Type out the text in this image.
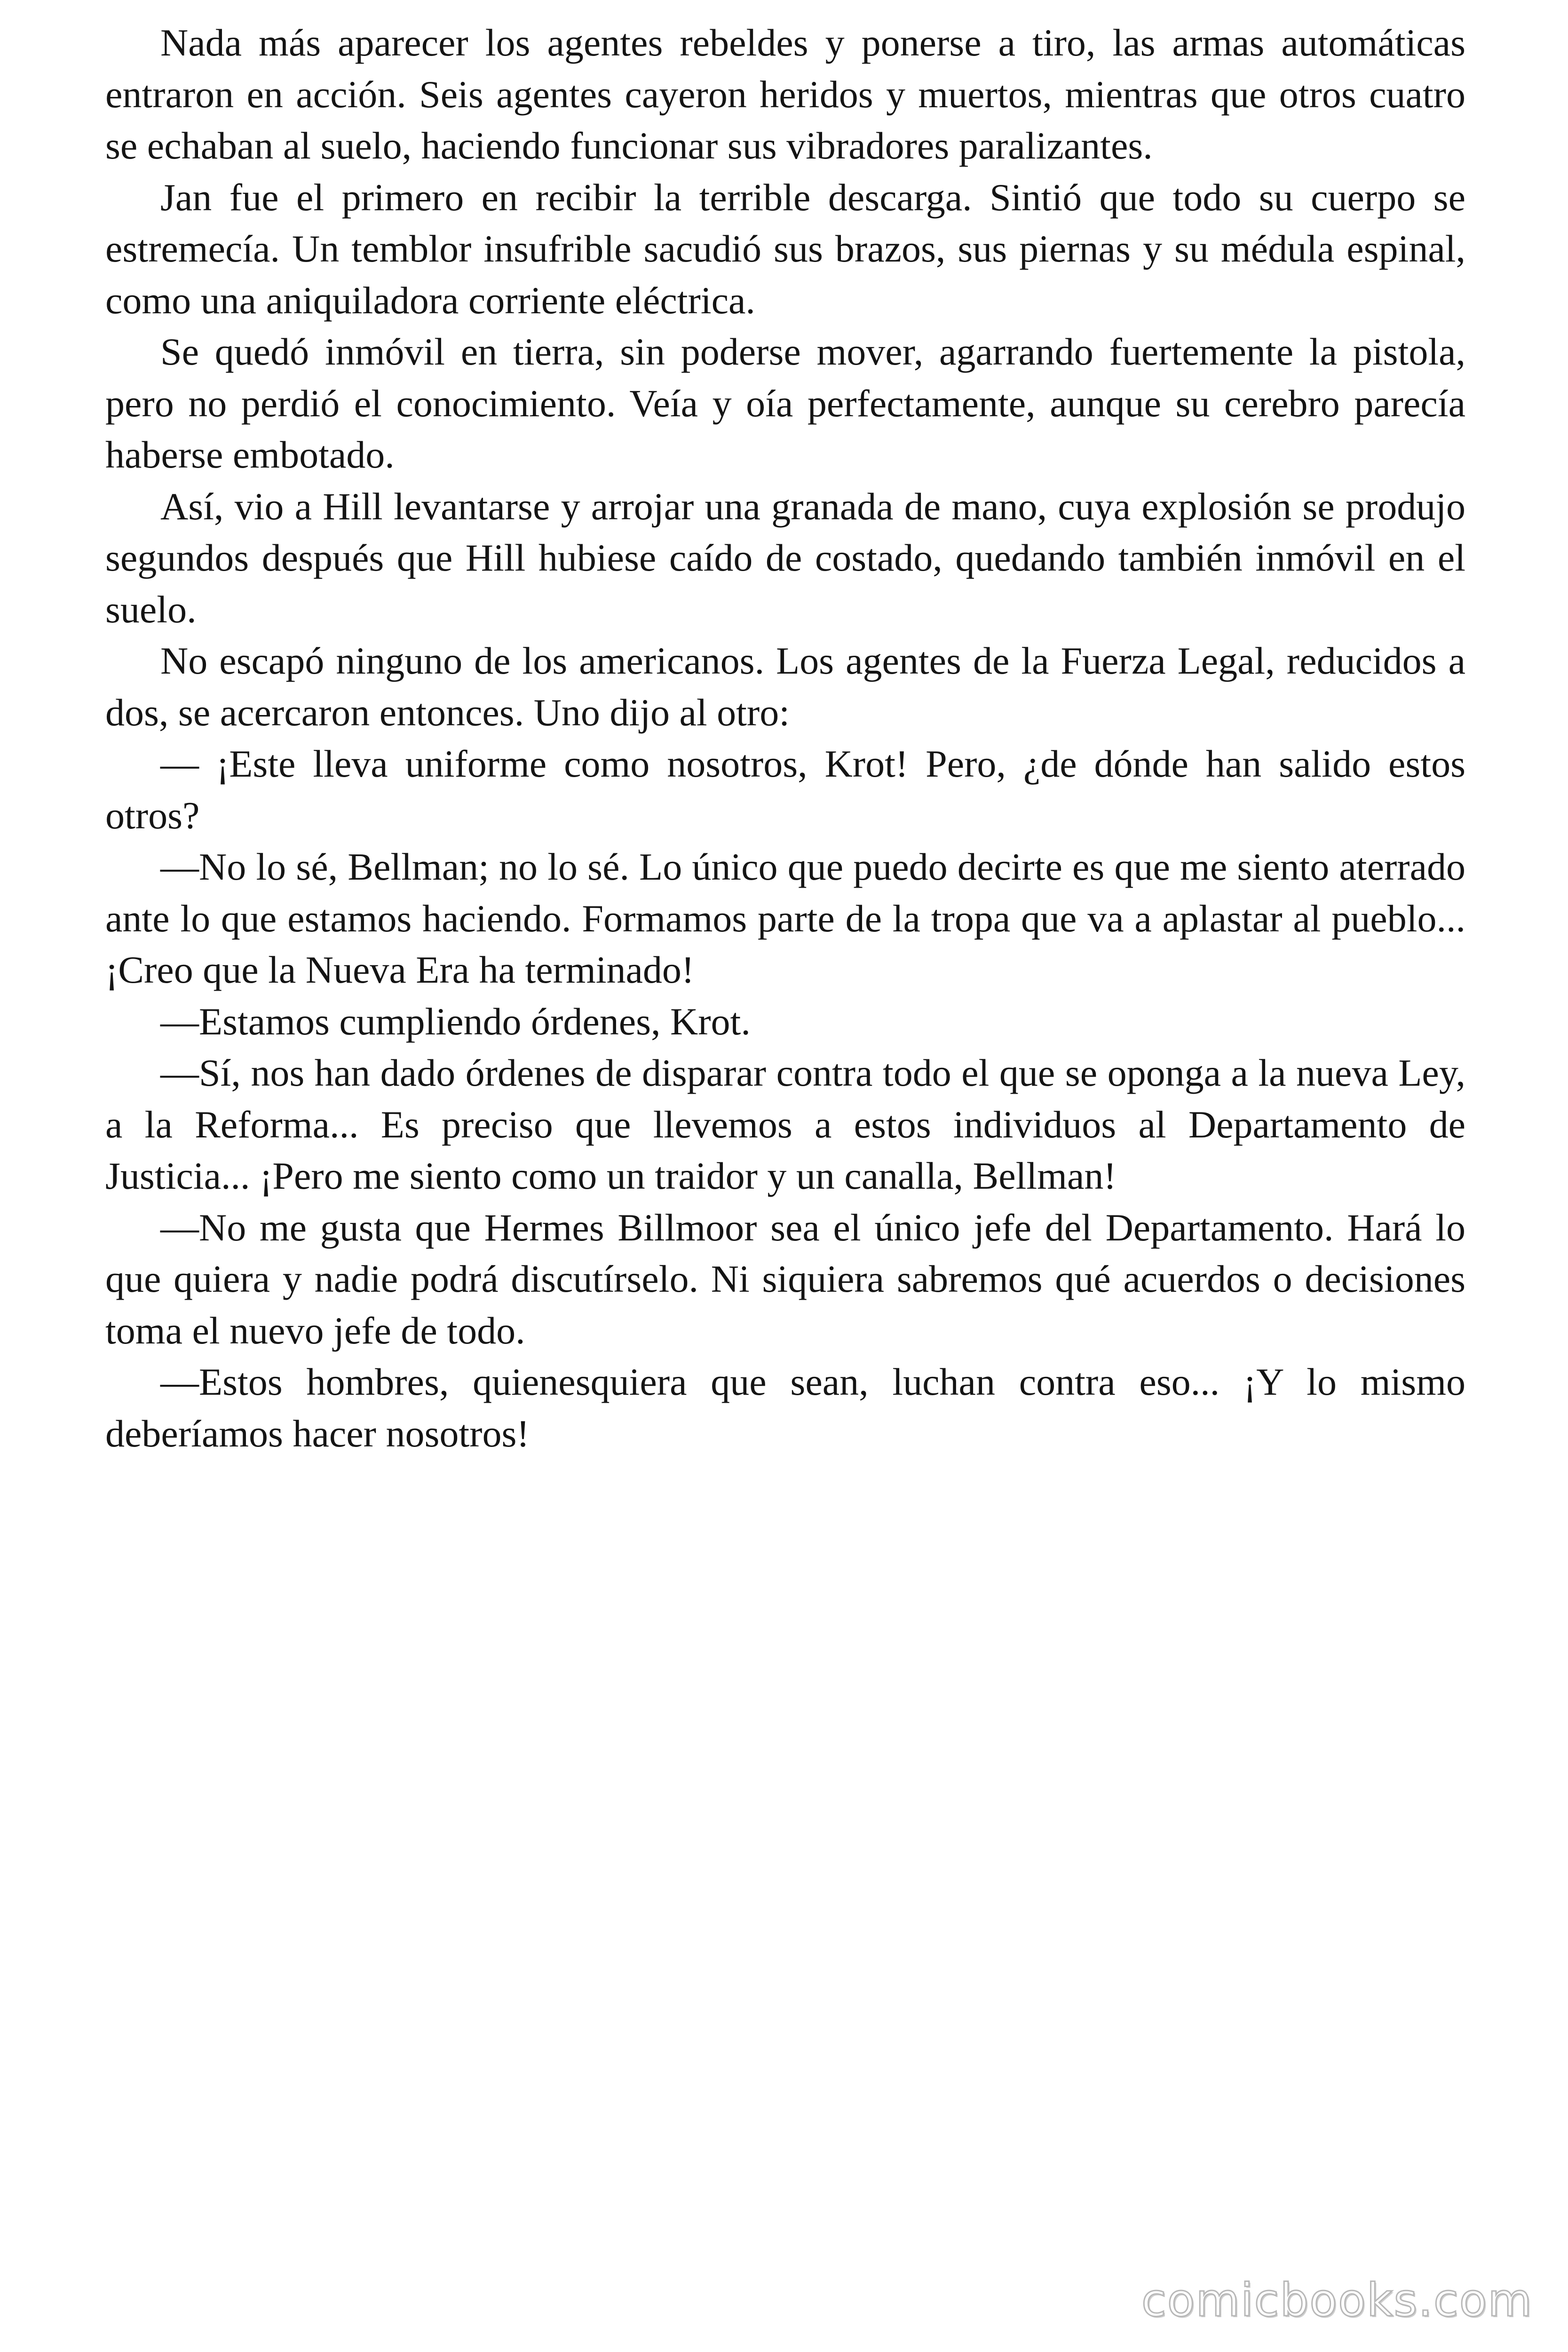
Nada más aparecer los agentes rebeldes y ponerse a tiro, las armas automáticas entraron en acción. Seis agentes cayeron heridos y muertos, mientras que otros cuatro se echaban al suelo, haciendo funcionar sus vibradores paralizantes.

Jan fue el primero en recibir la terrible descarga. Sintió que todo su cuerpo se estremecía. Un temblor insufrible sacudió sus brazos, sus piernas y su médula espinal, como una aniquiladora corriente eléctrica.

Se quedó inmóvil en tierra, sin poderse mover, agarrando fuertemente la pistola, pero no perdió el conocimiento. Veía y oía perfectamente, aunque su cerebro parecía haberse embotado.

Así, vio a Hill levantarse y arrojar una granada de mano, cuya explosión se produjo segundos después que Hill hubiese caído de costado, quedando también inmóvil en el suelo.

No escapó ninguno de los americanos. Los agentes de la Fuerza Legal, reducidos a dos, se acercaron entonces. Uno dijo al otro:

— ¡Este lleva uniforme como nosotros, Krot! Pero, ¿de dónde han salido estos otros?

—No lo sé, Bellman; no lo sé. Lo único que puedo decirte es que me siento aterrado ante lo que estamos haciendo. Formamos parte de la tropa que va a aplastar al pueblo... ¡Creo que la Nueva Era ha terminado!

—Estamos cumpliendo órdenes, Krot.

—Sí, nos han dado órdenes de disparar contra todo el que se oponga a la nueva Ley, a la Reforma... Es preciso que llevemos a estos individuos al Departamento de Justicia... ¡Pero me siento como un traidor y un canalla, Bellman!

—No me gusta que Hermes Billmoor sea el único jefe del Departamento. Hará lo que quiera y nadie podrá discutírselo. Ni siquiera sabremos qué acuerdos o decisiones toma el nuevo jefe de todo.

—Estos hombres, quienesquiera que sean, luchan contra eso... ¡Y lo mismo deberíamos hacer nosotros!

comicbooks.com
